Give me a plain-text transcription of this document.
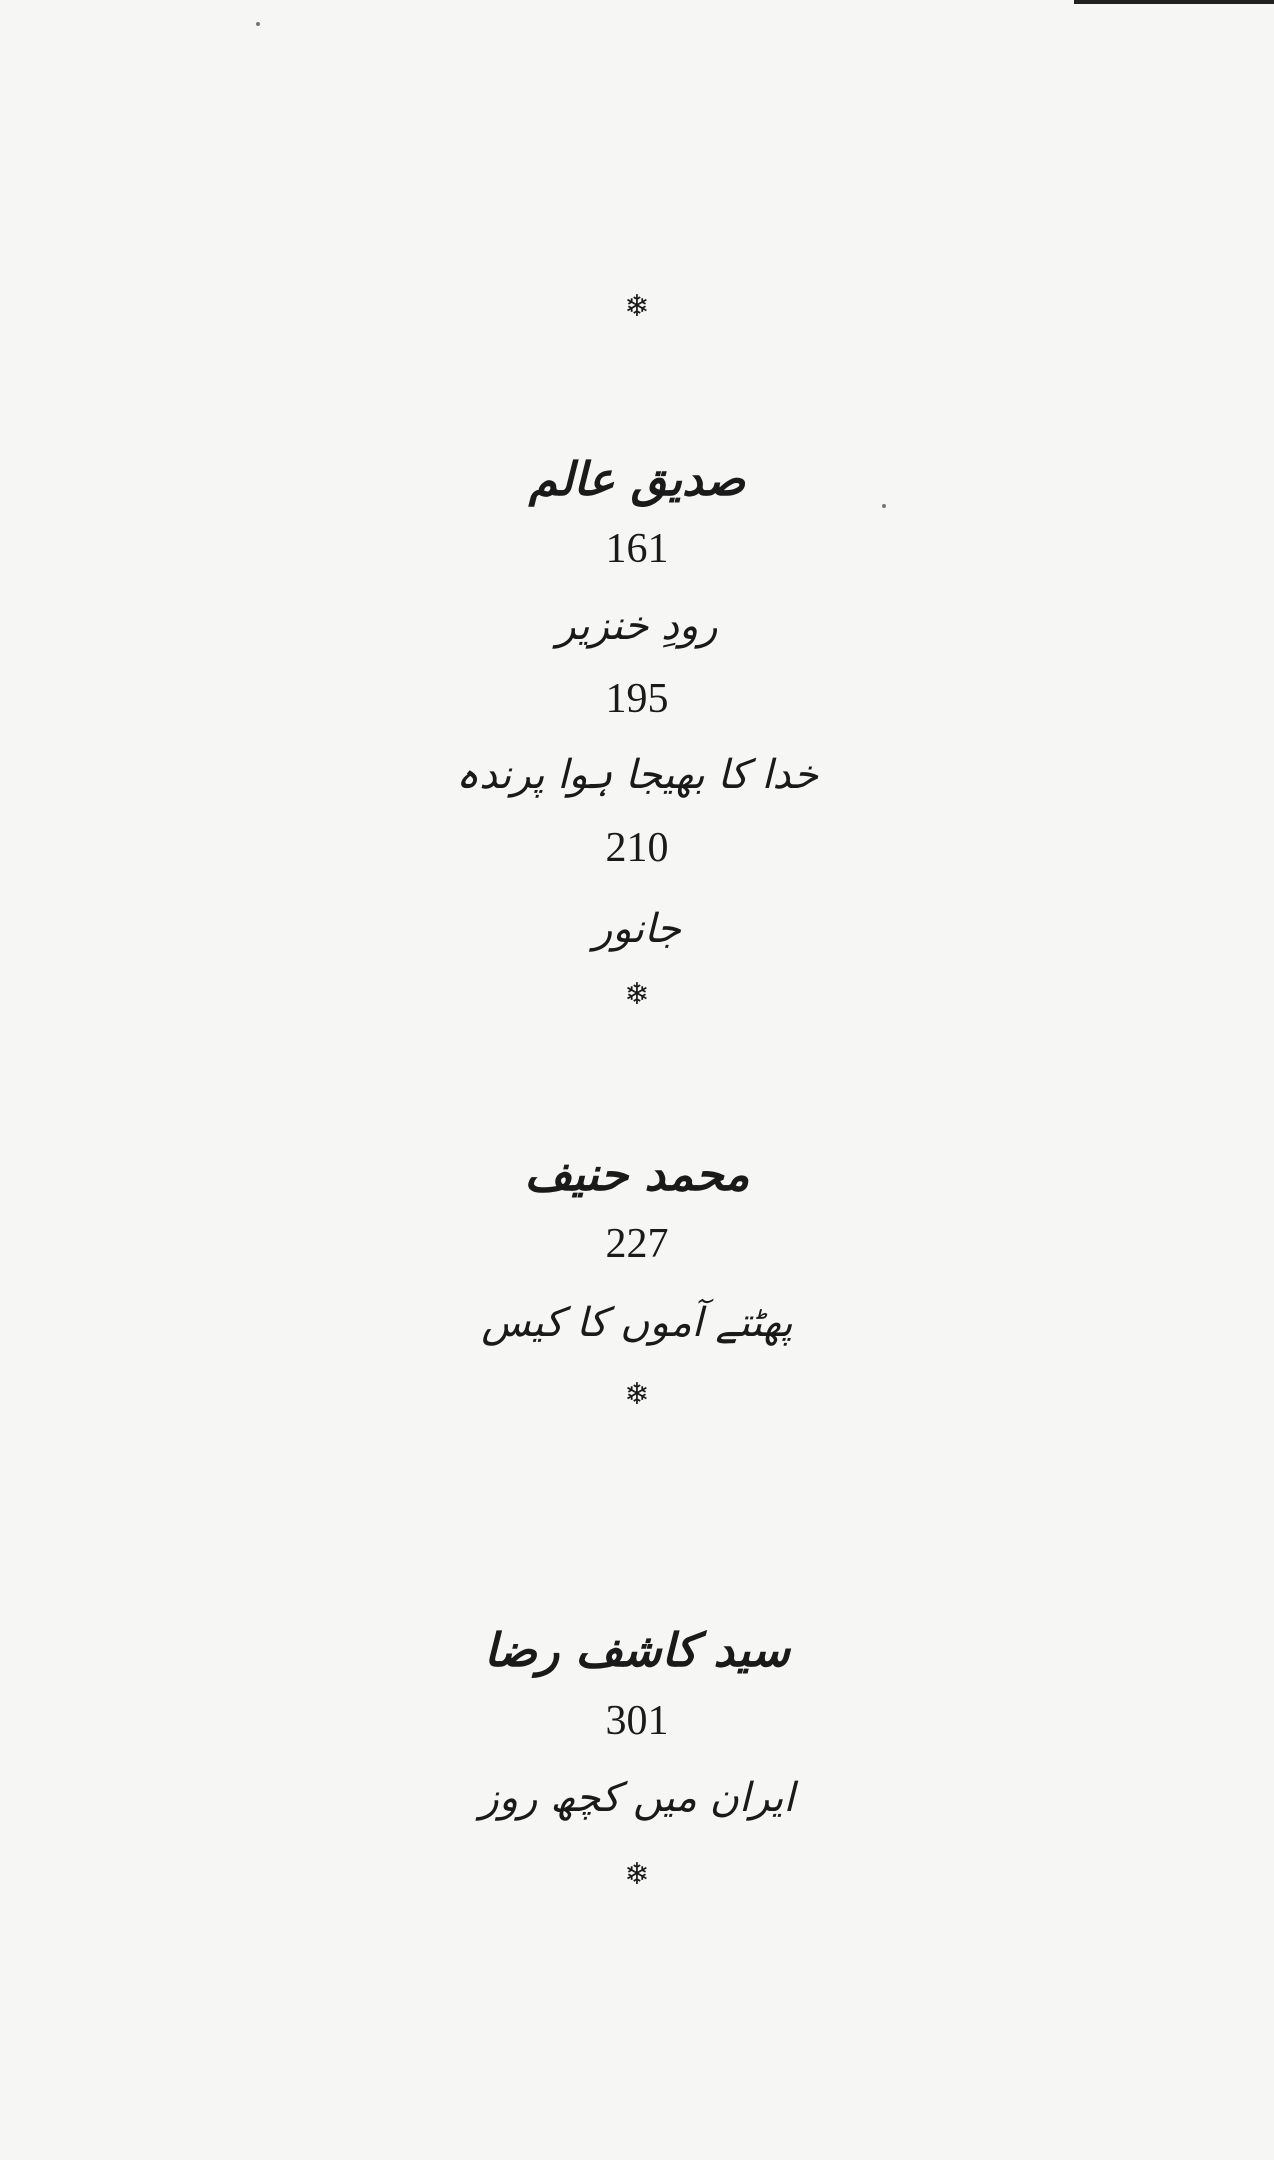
❄
صدیق عالم
161
رودِ خنزیر
195
خدا کا بھیجا ہوا پرندہ
210
جانور
❄
محمد حنیف
227
پھٹتے آموں کا کیس
❄
سید کاشف رضا
301
ایران میں کچھ روز
❄
